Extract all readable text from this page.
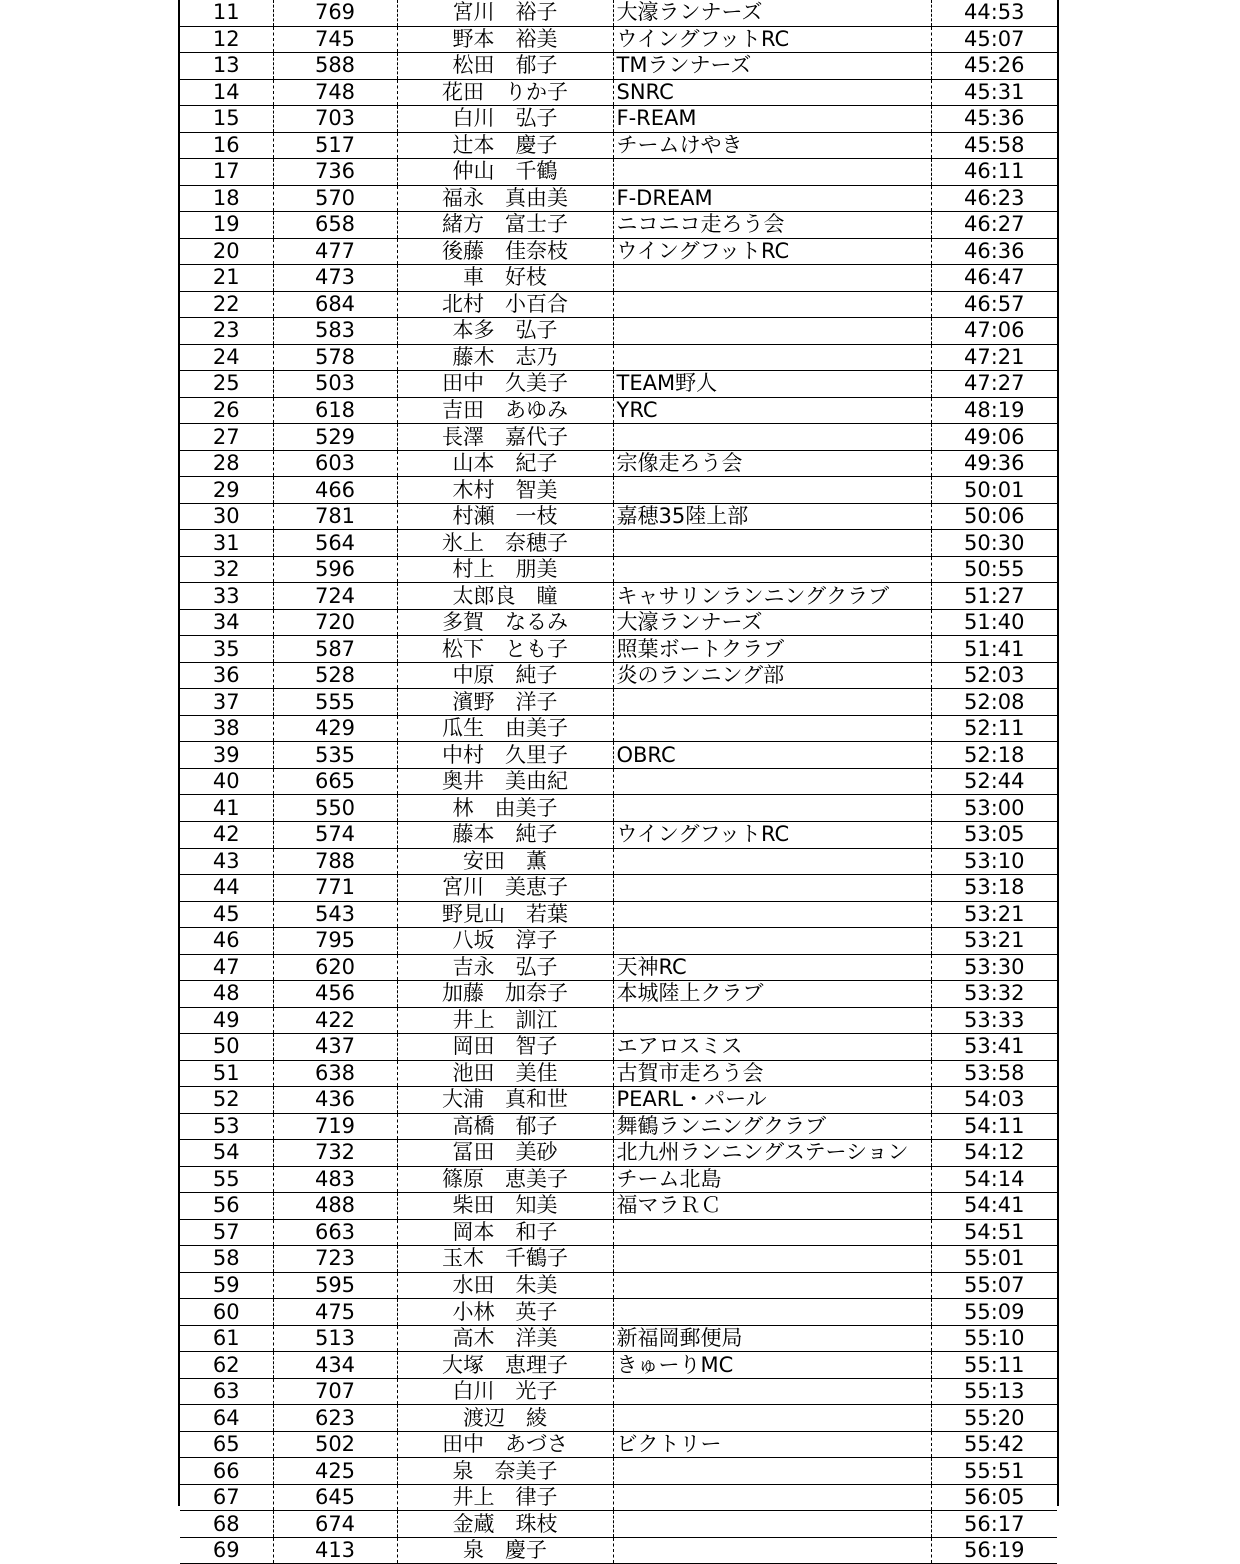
11	769	宮川　裕子	大濠ランナーズ	44:53
12	745	野本　裕美	ウイングフットRC	45:07
13	588	松田　郁子	TMランナーズ	45:26
14	748	花田　りか子	SNRC	45:31
15	703	白川　弘子	F-REAM	45:36
16	517	辻本　慶子	チームけやき	45:58
17	736	仲山　千鶴		46:11
18	570	福永　真由美	F-DREAM	46:23
19	658	緒方　富士子	ニコニコ走ろう会	46:27
20	477	後藤　佳奈枝	ウイングフットRC	46:36
21	473	車　好枝		46:47
22	684	北村　小百合		46:57
23	583	本多　弘子		47:06
24	578	藤木　志乃		47:21
25	503	田中　久美子	TEAM野人	47:27
26	618	吉田　あゆみ	YRC	48:19
27	529	長澤　嘉代子		49:06
28	603	山本　紀子	宗像走ろう会	49:36
29	466	木村　智美		50:01
30	781	村瀬　一枝	嘉穂35陸上部	50:06
31	564	氷上　奈穂子		50:30
32	596	村上　朋美		50:55
33	724	太郎良　瞳	キャサリンランニングクラブ	51:27
34	720	多賀　なるみ	大濠ランナーズ	51:40
35	587	松下　とも子	照葉ボートクラブ	51:41
36	528	中原　純子	炎のランニング部	52:03
37	555	濱野　洋子		52:08
38	429	瓜生　由美子		52:11
39	535	中村　久里子	OBRC	52:18
40	665	奥井　美由紀		52:44
41	550	林　由美子		53:00
42	574	藤本　純子	ウイングフットRC	53:05
43	788	安田　薫		53:10
44	771	宮川　美恵子		53:18
45	543	野見山　若葉		53:21
46	795	八坂　淳子		53:21
47	620	吉永　弘子	天神RC	53:30
48	456	加藤　加奈子	本城陸上クラブ	53:32
49	422	井上　訓江		53:33
50	437	岡田　智子	エアロスミス	53:41
51	638	池田　美佳	古賀市走ろう会	53:58
52	436	大浦　真和世	PEARL・パール	54:03
53	719	高橋　郁子	舞鶴ランニングクラブ	54:11
54	732	冨田　美砂	北九州ランニングステーション	54:12
55	483	篠原　恵美子	チーム北島	54:14
56	488	柴田　知美	福マラＲＣ	54:41
57	663	岡本　和子		54:51
58	723	玉木　千鶴子		55:01
59	595	水田　朱美		55:07
60	475	小林　英子		55:09
61	513	高木　洋美	新福岡郵便局	55:10
62	434	大塚　恵理子	きゅーりMC	55:11
63	707	白川　光子		55:13
64	623	渡辺　綾		55:20
65	502	田中　あづさ	ビクトリー	55:42
66	425	泉　奈美子		55:51
67	645	井上　律子		56:05
68	674	金蔵　珠枝		56:17
69	413	泉　慶子		56:19
